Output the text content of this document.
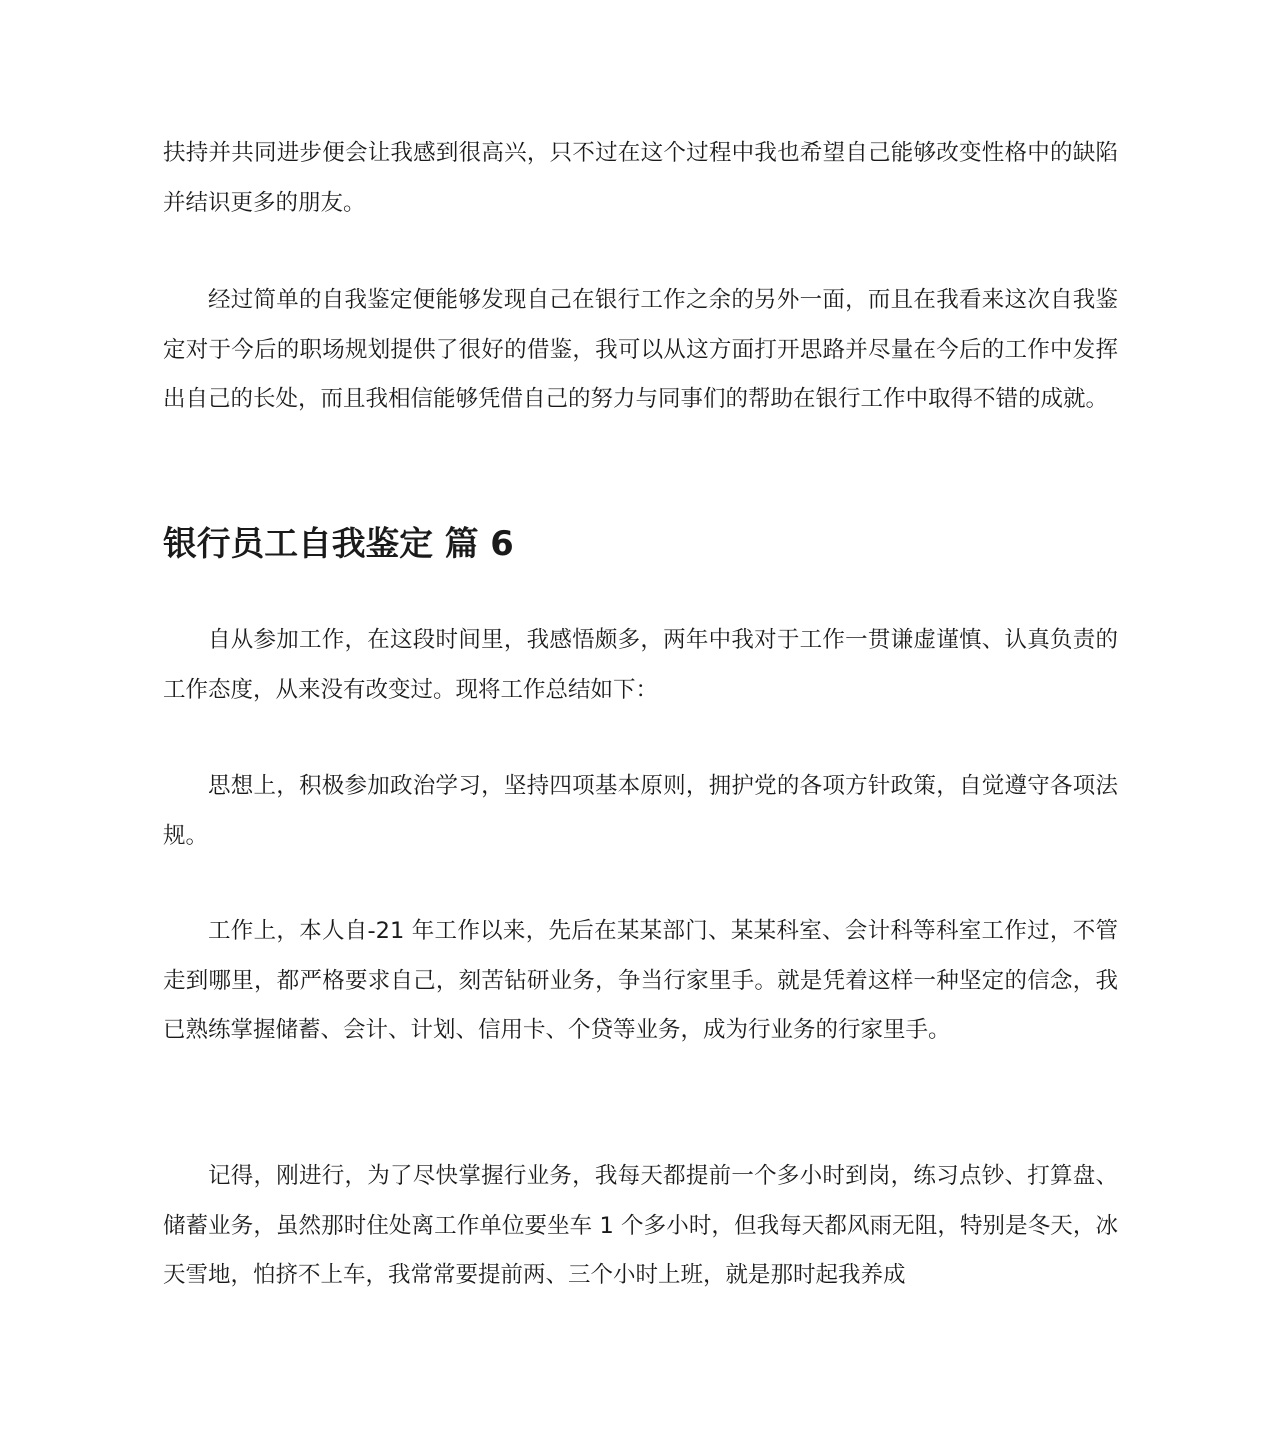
扶持并共同进步便会让我感到很高兴，只不过在这个过程中我也希望自己能够改变性格中的缺陷并结识更多的朋友。

经过简单的自我鉴定便能够发现自己在银行工作之余的另外一面，而且在我看来这次自我鉴定对于今后的职场规划提供了很好的借鉴，我可以从这方面打开思路并尽量在今后的工作中发挥出自己的长处，而且我相信能够凭借自己的努力与同事们的帮助在银行工作中取得不错的成就。

银行员工自我鉴定 篇 6

自从参加工作，在这段时间里，我感悟颇多，两年中我对于工作一贯谦虚谨慎、认真负责的工作态度，从来没有改变过。现将工作总结如下：

思想上，积极参加政治学习，坚持四项基本原则，拥护党的各项方针政策，自觉遵守各项法规。

工作上，本人自-21 年工作以来，先后在某某部门、某某科室、会计科等科室工作过，不管走到哪里，都严格要求自己，刻苦钻研业务，争当行家里手。就是凭着这样一种坚定的信念，我已熟练掌握储蓄、会计、计划、信用卡、个贷等业务，成为行业务的行家里手。

记得，刚进行，为了尽快掌握行业务，我每天都提前一个多小时到岗，练习点钞、打算盘、储蓄业务，虽然那时住处离工作单位要坐车 1 个多小时，但我每天都风雨无阻，特别是冬天，冰天雪地，怕挤不上车，我常常要提前两、三个小时上班，就是那时起我养成
